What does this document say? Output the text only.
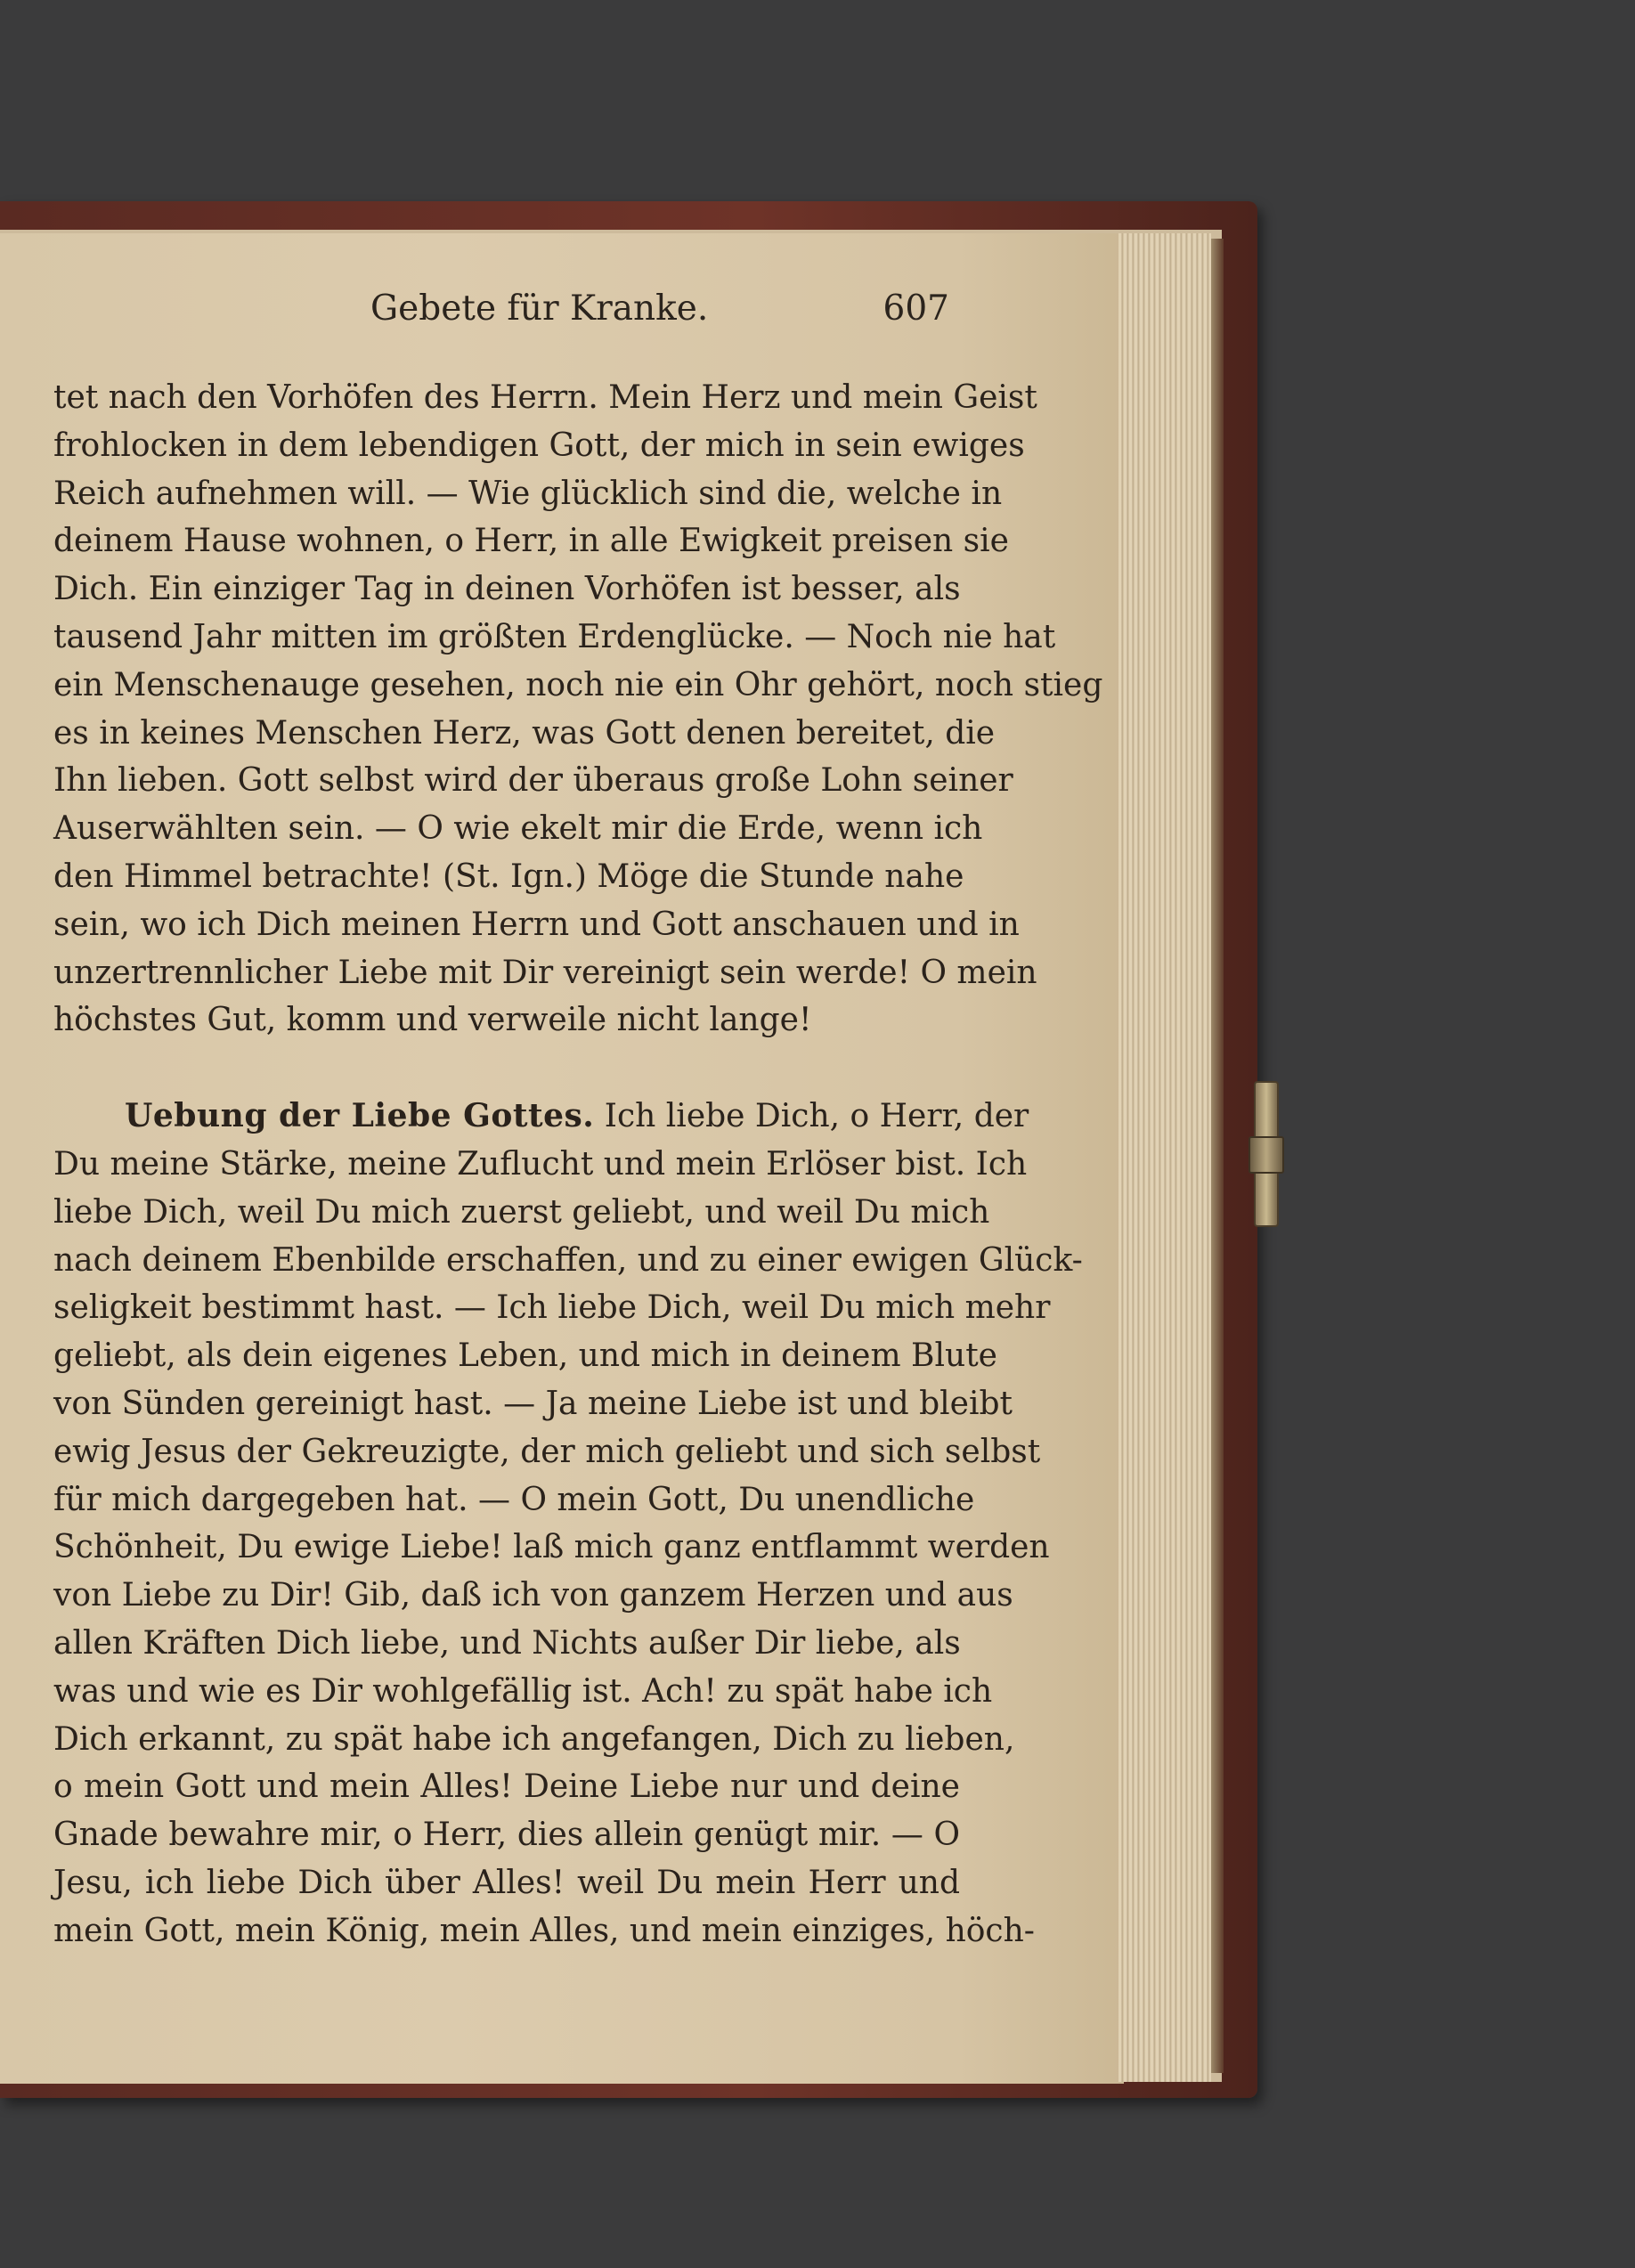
Gebete für Kranke.	607

tet nach den Vorhöfen des Herrn. Mein Herz und mein Geist
frohlocken in dem lebendigen Gott, der mich in sein ewiges
Reich aufnehmen will. — Wie glücklich sind die, welche in
deinem Hause wohnen, o Herr, in alle Ewigkeit preisen sie
Dich. Ein einziger Tag in deinen Vorhöfen ist besser, als
tausend Jahr mitten im größten Erdenglücke. — Noch nie hat
ein Menschenauge gesehen, noch nie ein Ohr gehört, noch stieg
es in keines Menschen Herz, was Gott denen bereitet, die
Ihn lieben. Gott selbst wird der überaus große Lohn seiner
Auserwählten sein. — O wie ekelt mir die Erde, wenn ich
den Himmel betrachte! (St. Ign.) Möge die Stunde nahe
sein, wo ich Dich meinen Herrn und Gott anschauen und in
unzertrennlicher Liebe mit Dir vereinigt sein werde! O mein
höchstes Gut, komm und verweile nicht lange!

Uebung der Liebe Gottes. Ich liebe Dich, o Herr, der
Du meine Stärke, meine Zuflucht und mein Erlöser bist. Ich
liebe Dich, weil Du mich zuerst geliebt, und weil Du mich
nach deinem Ebenbilde erschaffen, und zu einer ewigen Glück-
seligkeit bestimmt hast. — Ich liebe Dich, weil Du mich mehr
geliebt, als dein eigenes Leben, und mich in deinem Blute
von Sünden gereinigt hast. — Ja meine Liebe ist und bleibt
ewig Jesus der Gekreuzigte, der mich geliebt und sich selbst
für mich dargegeben hat. — O mein Gott, Du unendliche
Schönheit, Du ewige Liebe! laß mich ganz entflammt werden
von Liebe zu Dir! Gib, daß ich von ganzem Herzen und aus
allen Kräften Dich liebe, und Nichts außer Dir liebe, als
was und wie es Dir wohlgefällig ist. Ach! zu spät habe ich
Dich erkannt, zu spät habe ich angefangen, Dich zu lieben,
o mein Gott und mein Alles! Deine Liebe nur und deine
Gnade bewahre mir, o Herr, dies allein genügt mir. — O
Jesu, ich liebe Dich über Alles! weil Du mein Herr und
mein Gott, mein König, mein Alles, und mein einziges, höch-
